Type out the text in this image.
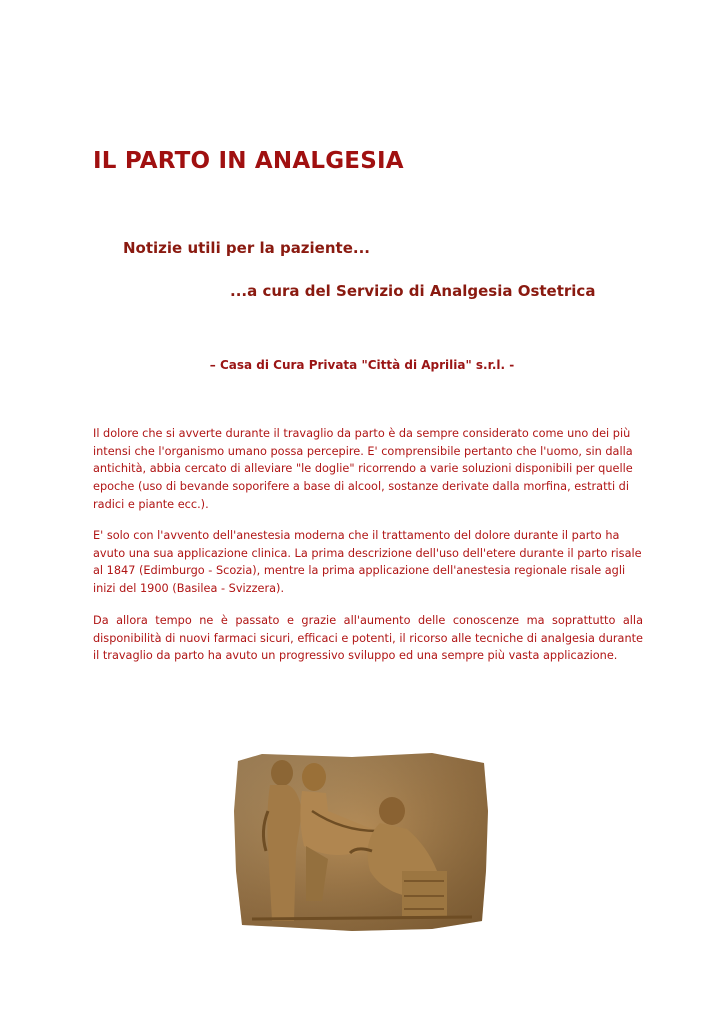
IL PARTO IN ANALGESIA
Notizie utili per la paziente...
...a cura del Servizio di Analgesia Ostetrica
– Casa di Cura Privata "Città di Aprilia" s.r.l. -

Il dolore che si avverte durante il travaglio da parto è da sempre considerato come uno dei più intensi che l'organismo umano possa percepire. E' comprensibile pertanto che l'uomo, sin dalla antichità, abbia cercato di alleviare "le doglie" ricorrendo a varie soluzioni disponibili per quelle epoche (uso di bevande soporifere a base di alcool, sostanze derivate dalla morfina, estratti di radici e piante ecc.).

E' solo con l'avvento dell'anestesia moderna che il trattamento del dolore durante il parto ha avuto una sua applicazione clinica. La prima descrizione dell'uso dell'etere durante il parto risale al 1847 (Edimburgo - Scozia), mentre la prima applicazione dell'anestesia regionale risale agli inizi del 1900 (Basilea - Svizzera).

Da allora tempo ne è passato e grazie all'aumento delle conoscenze ma soprattutto alla disponibilità di nuovi farmaci sicuri, efficaci e potenti, il ricorso alle tecniche di analgesia durante il travaglio da parto ha avuto un progressivo sviluppo ed una sempre più vasta applicazione.
